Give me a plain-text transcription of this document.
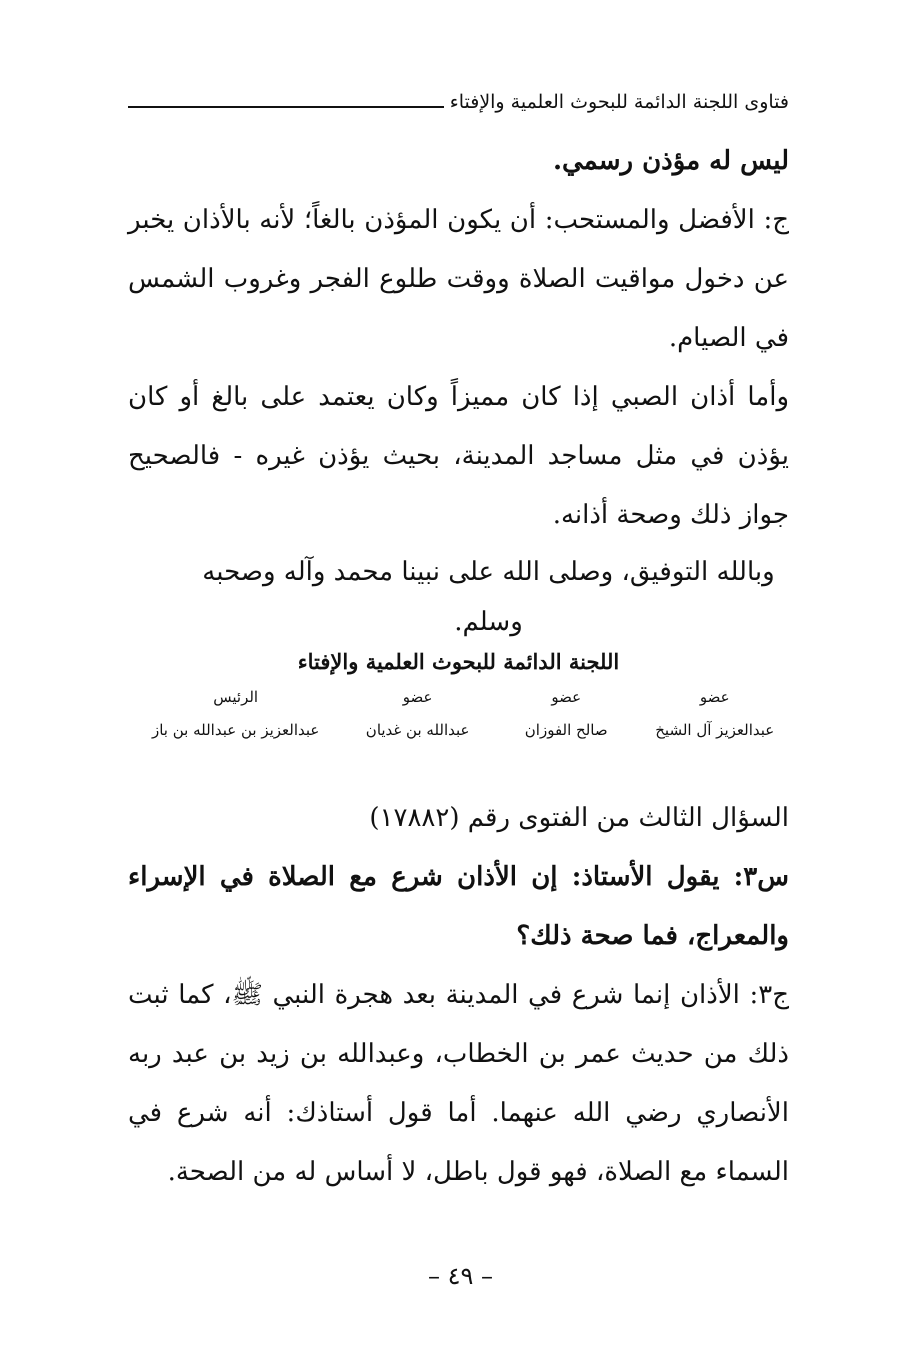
فتاوى اللجنة الدائمة للبحوث العلمية والإفتاء

ليس له مؤذن رسمي.

ج: الأفضل والمستحب: أن يكون المؤذن بالغاً؛ لأنه بالأذان يخبر عن دخول مواقيت الصلاة ووقت طلوع الفجر وغروب الشمس في الصيام.

وأما أذان الصبي إذا كان مميزاً وكان يعتمد على بالغ أو كان يؤذن في مثل مساجد المدينة، بحيث يؤذن غيره - فالصحيح جواز ذلك وصحة أذانه.

وبالله التوفيق، وصلى الله على نبينا محمد وآله وصحبه وسلم.

اللجنة الدائمة للبحوث العلمية والإفتاء
عضو
عضو
عضو
الرئيس
عبدالعزيز آل الشيخ
صالح الفوزان
عبدالله بن غديان
عبدالعزيز بن عبدالله بن باز

السؤال الثالث من الفتوى رقم (١٧٨٨٢)

س٣: يقول الأستاذ: إن الأذان شرع مع الصلاة في الإسراء والمعراج، فما صحة ذلك؟

ج٣: الأذان إنما شرع في المدينة بعد هجرة النبي ﷺ، كما ثبت ذلك من حديث عمر بن الخطاب، وعبدالله بن زيد بن عبد ربه الأنصاري رضي الله عنهما. أما قول أستاذك: أنه شرع في السماء مع الصلاة، فهو قول باطل، لا أساس له من الصحة.

– ٤٩ –
